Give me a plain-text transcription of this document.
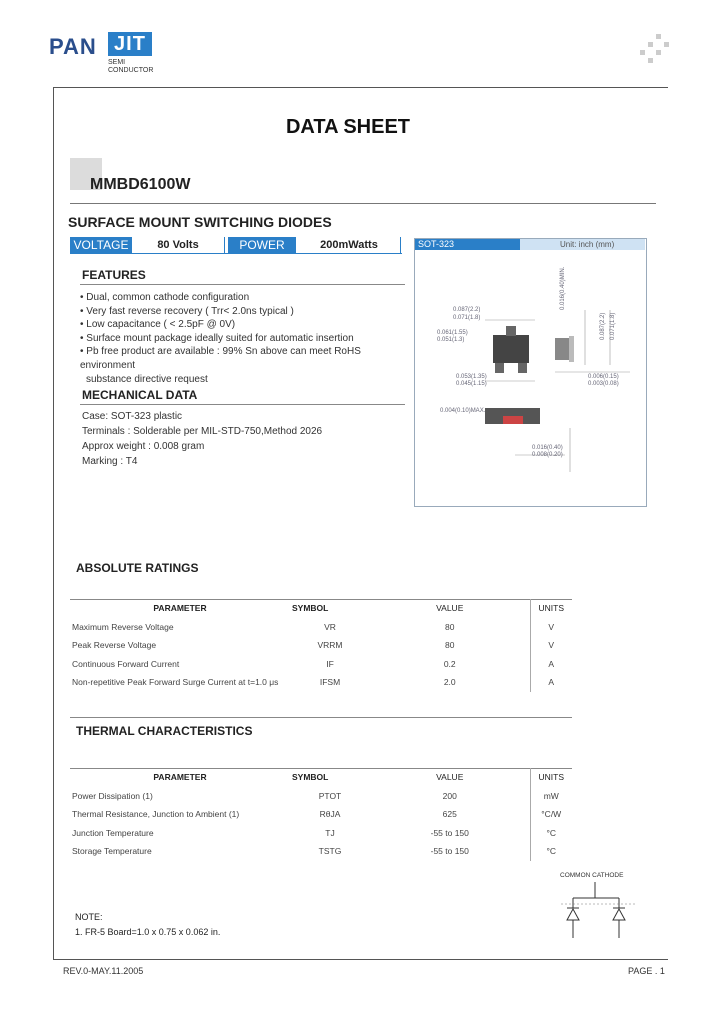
PAN JIT
SEMI
CONDUCTOR
DATA SHEET
MMBD6100W
SURFACE MOUNT SWITCHING DIODES
VOLTAGE	80 Volts	POWER	200mWatts
FEATURES
• Dual, common cathode configuration
• Very fast reverse recovery ( Trr< 2.0ns typical )
• Low capacitance ( < 2.5pF @ 0V)
• Surface mount package ideally suited for automatic insertion
• Pb free product are available : 99% Sn above can meet RoHS environment
substance directive request
MECHANICAL DATA
Case: SOT-323 plastic
Terminals : Solderable per MIL-STD-750,Method 2026
Approx weight : 0.008 gram
Marking : T4
SOT-323	Unit: inch (mm)
0.087(2.2)
0.071(1.8)
0.061(1.55)
0.051(1.3)
0.053(1.35)
0.045(1.15)
0.004(0.10)MAX.
0.016(0.40)
0.008(0.20)
0.006(0.15)
0.003(0.08)
0.016(0.40)MIN.
0.087(2.2) 0.071(1.8)
ABSOLUTE RATINGS
PARAMETER	SYMBOL	VALUE	UNITS
Maximum Reverse Voltage	VR	80	V
Peak Reverse Voltage	VRRM	80	V
Continuous Forward Current	IF	0.2	A
Non-repetitive Peak Forward Surge Current at t=1.0 μs	IFSM	2.0	A
THERMAL CHARACTERISTICS
PARAMETER	SYMBOL	VALUE	UNITS
Power Dissipation (1)	PTOT	200	mW
Thermal Resistance, Junction to Ambient (1)	RθJA	625	°C/W
Junction Temperature	TJ	-55 to 150	°C
Storage Temperature	TSTG	-55 to 150	°C
COMMON CATHODE
NOTE:
1. FR-5 Board=1.0 x 0.75 x 0.062 in.
REV.0-MAY.11.2005	PAGE . 1
